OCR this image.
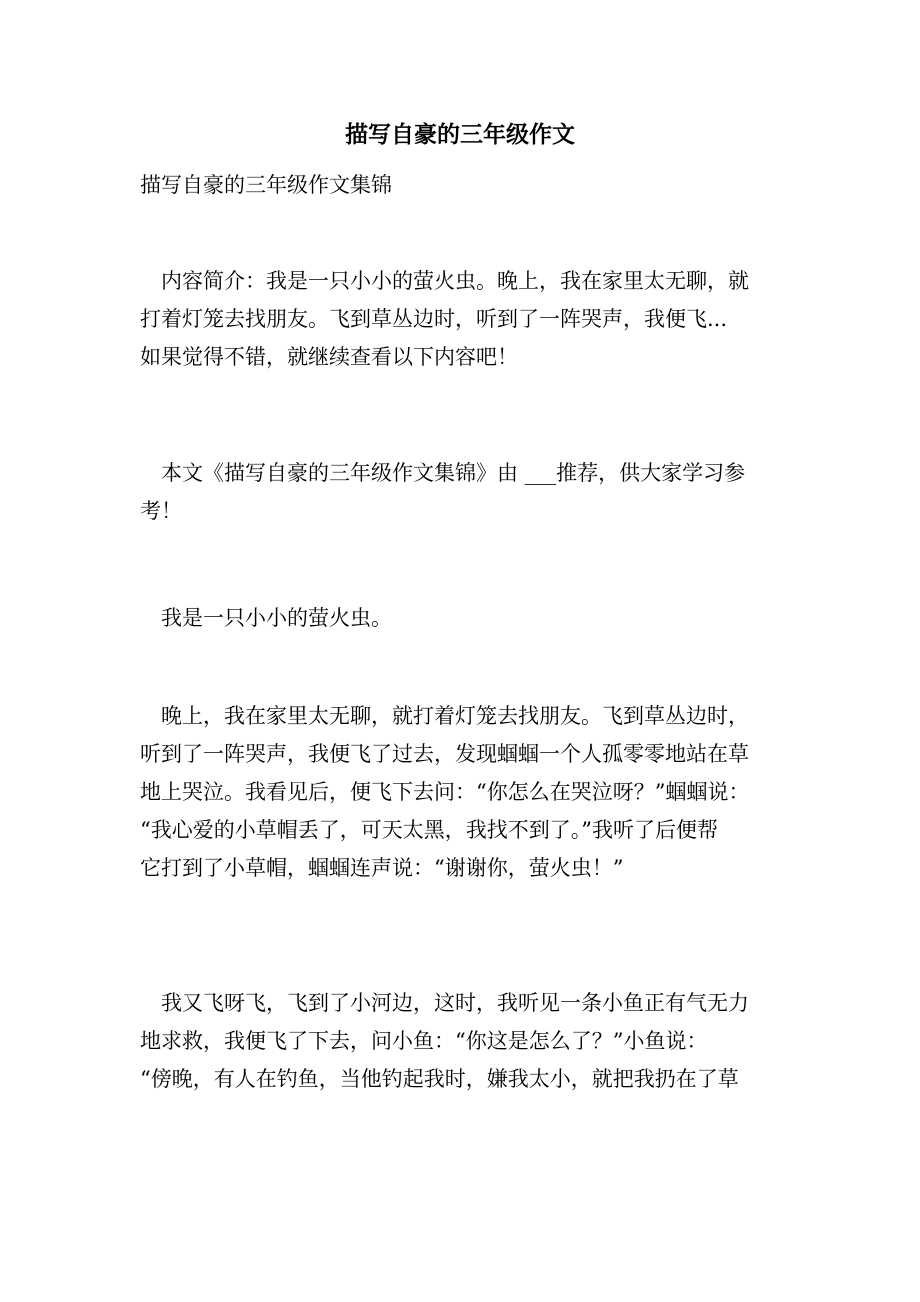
描写自豪的三年级作文

描写自豪的三年级作文集锦

内容简介：我是一只小小的萤火虫。晚上，我在家里太无聊，就
打着灯笼去找朋友。飞到草丛边时，听到了一阵哭声，我便飞...
如果觉得不错，就继续查看以下内容吧！

本文《描写自豪的三年级作文集锦》由 ___推荐，供大家学习参
考！

我是一只小小的萤火虫。

晚上，我在家里太无聊，就打着灯笼去找朋友。飞到草丛边时，
听到了一阵哭声，我便飞了过去，发现蝈蝈一个人孤零零地站在草
地上哭泣。我看见后，便飞下去问：“你怎么在哭泣呀？”蝈蝈说：
“我心爱的小草帽丢了，可天太黑，我找不到了。”我听了后便帮
它打到了小草帽，蝈蝈连声说：“谢谢你，萤火虫！”

我又飞呀飞，飞到了小河边，这时，我听见一条小鱼正有气无力
地求救，我便飞了下去，问小鱼：“你这是怎么了？”小鱼说：
“傍晚，有人在钓鱼，当他钓起我时，嫌我太小，就把我扔在了草
